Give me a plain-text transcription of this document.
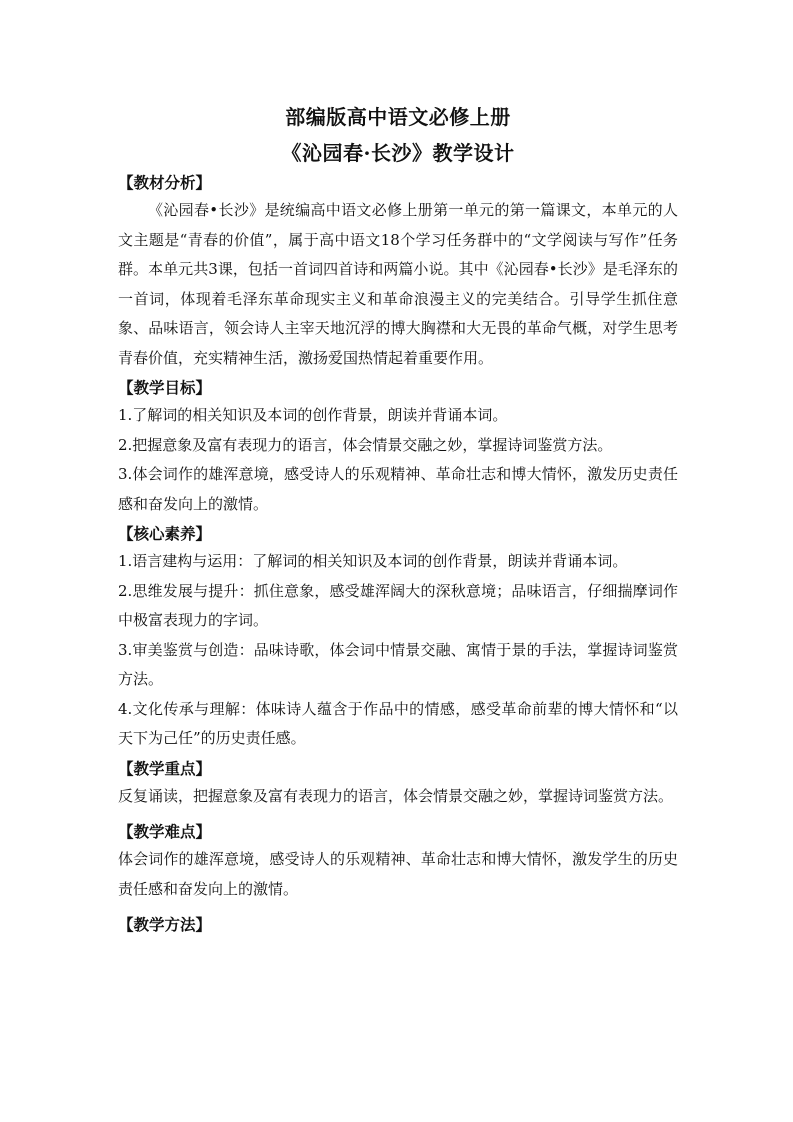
部编版高中语文必修上册
《沁园春·长沙》教学设计

【教材分析】

《沁园春•长沙》是统编高中语文必修上册第一单元的第一篇课文，本单元的人文主题是“青春的价值”，属于高中语文18个学习任务群中的“文学阅读与写作”任务群。本单元共3课，包括一首词四首诗和两篇小说。其中《沁园春•长沙》是毛泽东的一首词，体现着毛泽东革命现实主义和革命浪漫主义的完美结合。引导学生抓住意象、品味语言，领会诗人主宰天地沉浮的博大胸襟和大无畏的革命气概，对学生思考青春价值，充实精神生活，激扬爱国热情起着重要作用。

【教学目标】

1.了解词的相关知识及本词的创作背景，朗读并背诵本词。

2.把握意象及富有表现力的语言，体会情景交融之妙，掌握诗词鉴赏方法。

3.体会词作的雄浑意境，感受诗人的乐观精神、革命壮志和博大情怀，激发历史责任感和奋发向上的激情。

【核心素养】

1.语言建构与运用：了解词的相关知识及本词的创作背景，朗读并背诵本词。

2.思维发展与提升：抓住意象，感受雄浑阔大的深秋意境；品味语言，仔细揣摩词作中极富表现力的字词。

3.审美鉴赏与创造：品味诗歌，体会词中情景交融、寓情于景的手法，掌握诗词鉴赏方法。

4.文化传承与理解：体味诗人蕴含于作品中的情感，感受革命前辈的博大情怀和“以天下为己任”的历史责任感。

【教学重点】

反复诵读，把握意象及富有表现力的语言，体会情景交融之妙，掌握诗词鉴赏方法。

【教学难点】

体会词作的雄浑意境，感受诗人的乐观精神、革命壮志和博大情怀，激发学生的历史责任感和奋发向上的激情。

【教学方法】
